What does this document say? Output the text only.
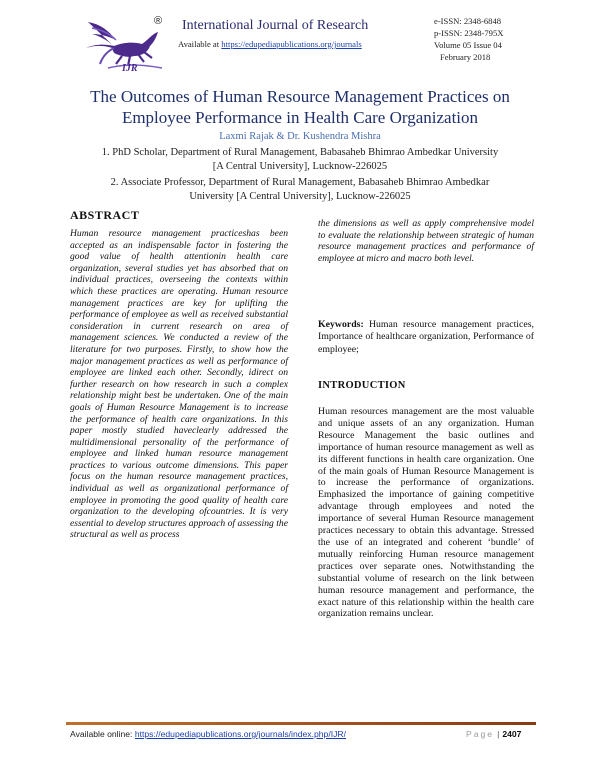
IJR
® International Journal of Research
Available at https://edupediapublications.org/journals
e-ISSN: 2348-6848
p-ISSN: 2348-795X
Volume 05 Issue 04
February 2018
The Outcomes of Human Resource Management Practices on
Employee Performance in Health Care Organization
Laxmi Rajak & Dr. Kushendra Mishra
1. PhD Scholar, Department of Rural Management, Babasaheb Bhimrao Ambedkar University
[A Central University], Lucknow-226025
2. Associate Professor, Department of Rural Management, Babasaheb Bhimrao Ambedkar
University [A Central University], Lucknow-226025
ABSTRACT
Human resource management practiceshas been accepted as an indispensable factor in fostering the good value of health attentionin health care organization, several studies yet has absorbed that on individual practices, overseeing the contexts within which these practices are operating. Human resource management practices are key for uplifting the performance of employee as well as received substantial consideration in current research on area of management sciences. We conducted a review of the literature for two purposes. Firstly, to show how the major management practices as well as performance of employee are linked each other. Secondly, idirect on further research on how research in such a complex relationship might best be undertaken. One of the main goals of Human Resource Management is to increase the performance of health care organizations. In this paper mostly studied haveclearly addressed the multidimensional personality of the performance of employee and linked human resource management practices to various outcome dimensions. This paper focus on the human resource management practices, individual as well as organizational performance of employee in promoting the good quality of health care organization to the developing ofcountries. It is very essential to develop structures approach of assessing the structural as well as process
the dimensions as well as apply comprehensive model to evaluate the relationship between strategic of human resource management practices and performance of employee at micro and macro both level.
Keywords: Human resource management practices, Importance of healthcare organization, Performance of employee;
INTRODUCTION
Human resources management are the most valuable and unique assets of an any organization. Human Resource Management the basic outlines and importance of human resource management as well as its different functions in health care organization. One of the main goals of Human Resource Management is to increase the performance of organizations. Emphasized the importance of gaining competitive advantage through employees and noted the importance of several Human Resource management practices necessary to obtain this advantage. Stressed the use of an integrated and coherent ‘bundle’ of mutually reinforcing Human resource management practices over separate ones. Notwithstanding the substantial volume of research on the link between human resource management and performance, the exact nature of this relationship within the health care organization remains unclear.
Available online: https://edupediapublications.org/journals/index.php/IJR/	Page | 2407
